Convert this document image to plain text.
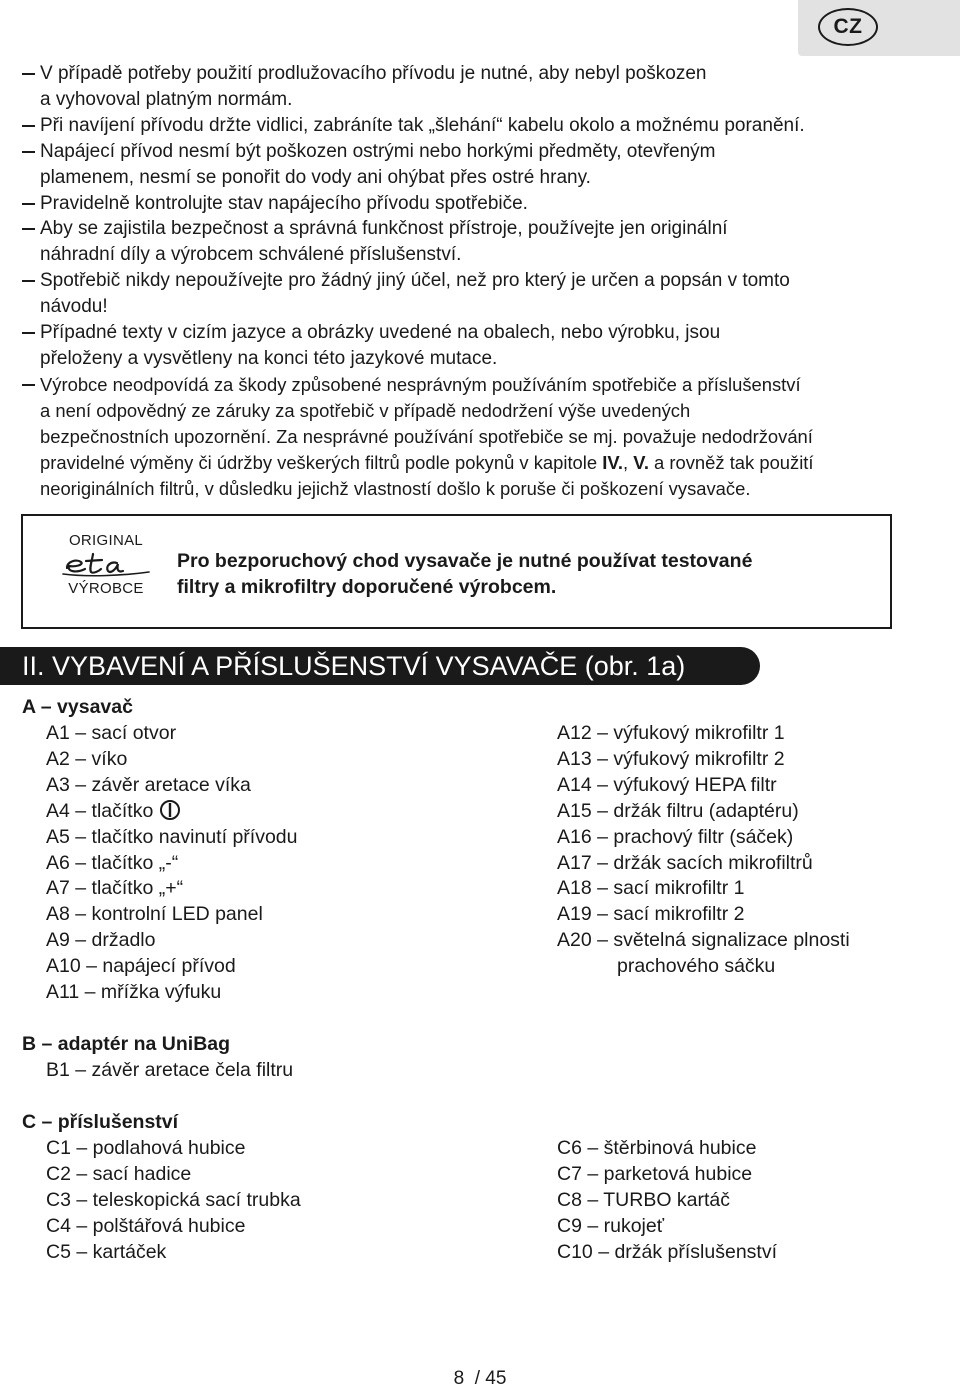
CZ
V případě potřeby použití prodlužovacího přívodu je nutné, aby nebyl poškozen
a vyhovoval platným normám.
Při navíjení přívodu držte vidlici, zabráníte tak „šlehání“ kabelu okolo a možnému poranění.
Napájecí přívod nesmí být poškozen ostrými nebo horkými předměty, otevřeným
plamenem, nesmí se ponořit do vody ani ohýbat přes ostré hrany.
Pravidelně kontrolujte stav napájecího přívodu spotřebiče.
Aby se zajistila bezpečnost a správná funkčnost přístroje, používejte jen originální
náhradní díly a výrobcem schválené příslušenství.
Spotřebič nikdy nepoužívejte pro žádný jiný účel, než pro který je určen a popsán v tomto
návodu!
Případné texty v cizím jazyce a obrázky uvedené na obalech, nebo výrobku, jsou
přeloženy a vysvětleny na konci této jazykové mutace.
Výrobce neodpovídá za škody způsobené nesprávným používáním spotřebiče a příslušenství
a není odpovědný ze záruky za spotřebič v případě nedodržení výše uvedených
bezpečnostních upozornění. Za nesprávné používání spotřebiče se mj. považuje nedodržování
pravidelné výměny či údržby veškerých filtrů podle pokynů v kapitole IV., V. a rovněž tak použití
neoriginálních filtrů, v důsledku jejichž vlastností došlo k poruše či poškození vysavače.
ORIGINAL
VÝROBCE
Pro bezporuchový chod vysavače je nutné používat testované
filtry a mikrofiltry doporučené výrobcem.
II. VYBAVENÍ A PŘÍSLUŠENSTVÍ VYSAVAČE (obr. 1a)
A – vysavač
A1 – sací otvor
A2 – víko
A3 – závěr aretace víka
A4 – tlačítko
A5 – tlačítko navinutí přívodu
A6 – tlačítko „-“
A7 – tlačítko „+“
A8 – kontrolní LED panel
A9 – držadlo
A10 – napájecí přívod
A11 – mřížka výfuku
A12 – výfukový mikrofiltr 1
A13 – výfukový mikrofiltr 2
A14 – výfukový HEPA filtr
A15 – držák filtru (adaptéru)
A16 – prachový filtr (sáček)
A17 – držák sacích mikrofiltrů
A18 – sací mikrofiltr 1
A19 – sací mikrofiltr 2
A20 – světelná signalizace plnosti
prachového sáčku
B – adaptér na UniBag
B1 – závěr aretace čela filtru
C – příslušenství
C1 – podlahová hubice
C2 – sací hadice
C3 – teleskopická sací trubka
C4 – polštářová hubice
C5 – kartáček
C6 – štěrbinová hubice
C7 – parketová hubice
C8 – TURBO kartáč
C9 – rukojeť
C10 – držák příslušenství
8  / 45
